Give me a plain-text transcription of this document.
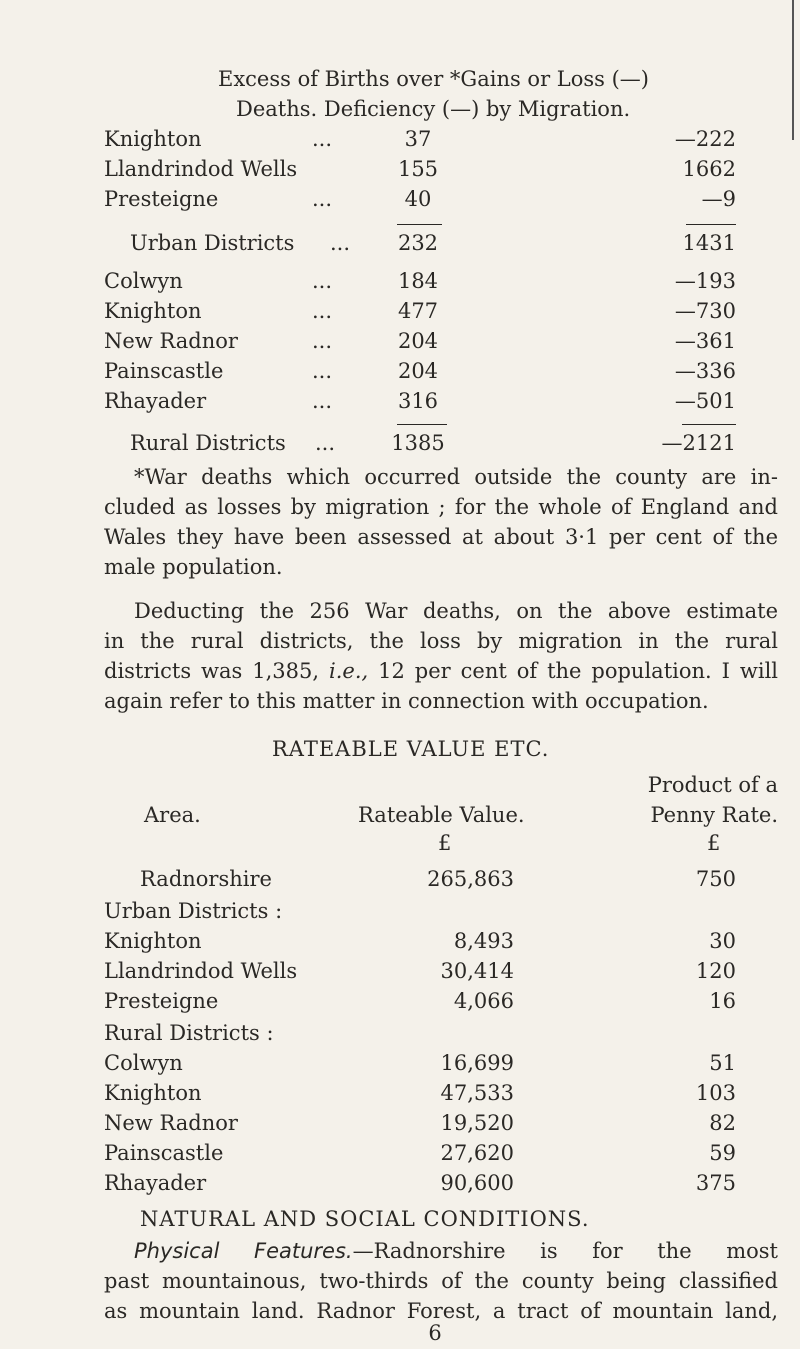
Excess of Births over *Gains or Loss (—)
Deaths. Deficiency (—) by Migration.
Knighton	...	37	—222
Llandrindod Wells	155	1662
Presteigne	...	40	—9
Urban Districts ...	232	1431
Colwyn	...	184	—193
Knighton	...	477	—730
New Radnor	...	204	—361
Painscastle	...	204	—336
Rhayader	...	316	—501
Rural Districts ...	1385	—2121
*War deaths which occurred outside the county are in-
cluded as losses by migration ; for the whole of England and
Wales they have been assessed at about 3·1 per cent of the
male population.
Deducting the 256 War deaths, on the above estimate
in the rural districts, the loss by migration in the rural
districts was 1,385, i.e., 12 per cent of the population. I will
again refer to this matter in connection with occupation.
RATEABLE VALUE ETC.
Product of a
Area.	Rateable Value.	Penny Rate.
£	£
Radnorshire	265,863	750
Urban Districts :
Knighton	8,493	30
Llandrindod Wells	30,414	120
Presteigne	4,066	16
Rural Districts :
Colwyn	16,699	51
Knighton	47,533	103
New Radnor	19,520	82
Painscastle	27,620	59
Rhayader	90,600	375
NATURAL AND SOCIAL CONDITIONS.
Physical Features.—Radnorshire is for the most
past mountainous, two-thirds of the county being classified
as mountain land. Radnor Forest, a tract of mountain land,
6
